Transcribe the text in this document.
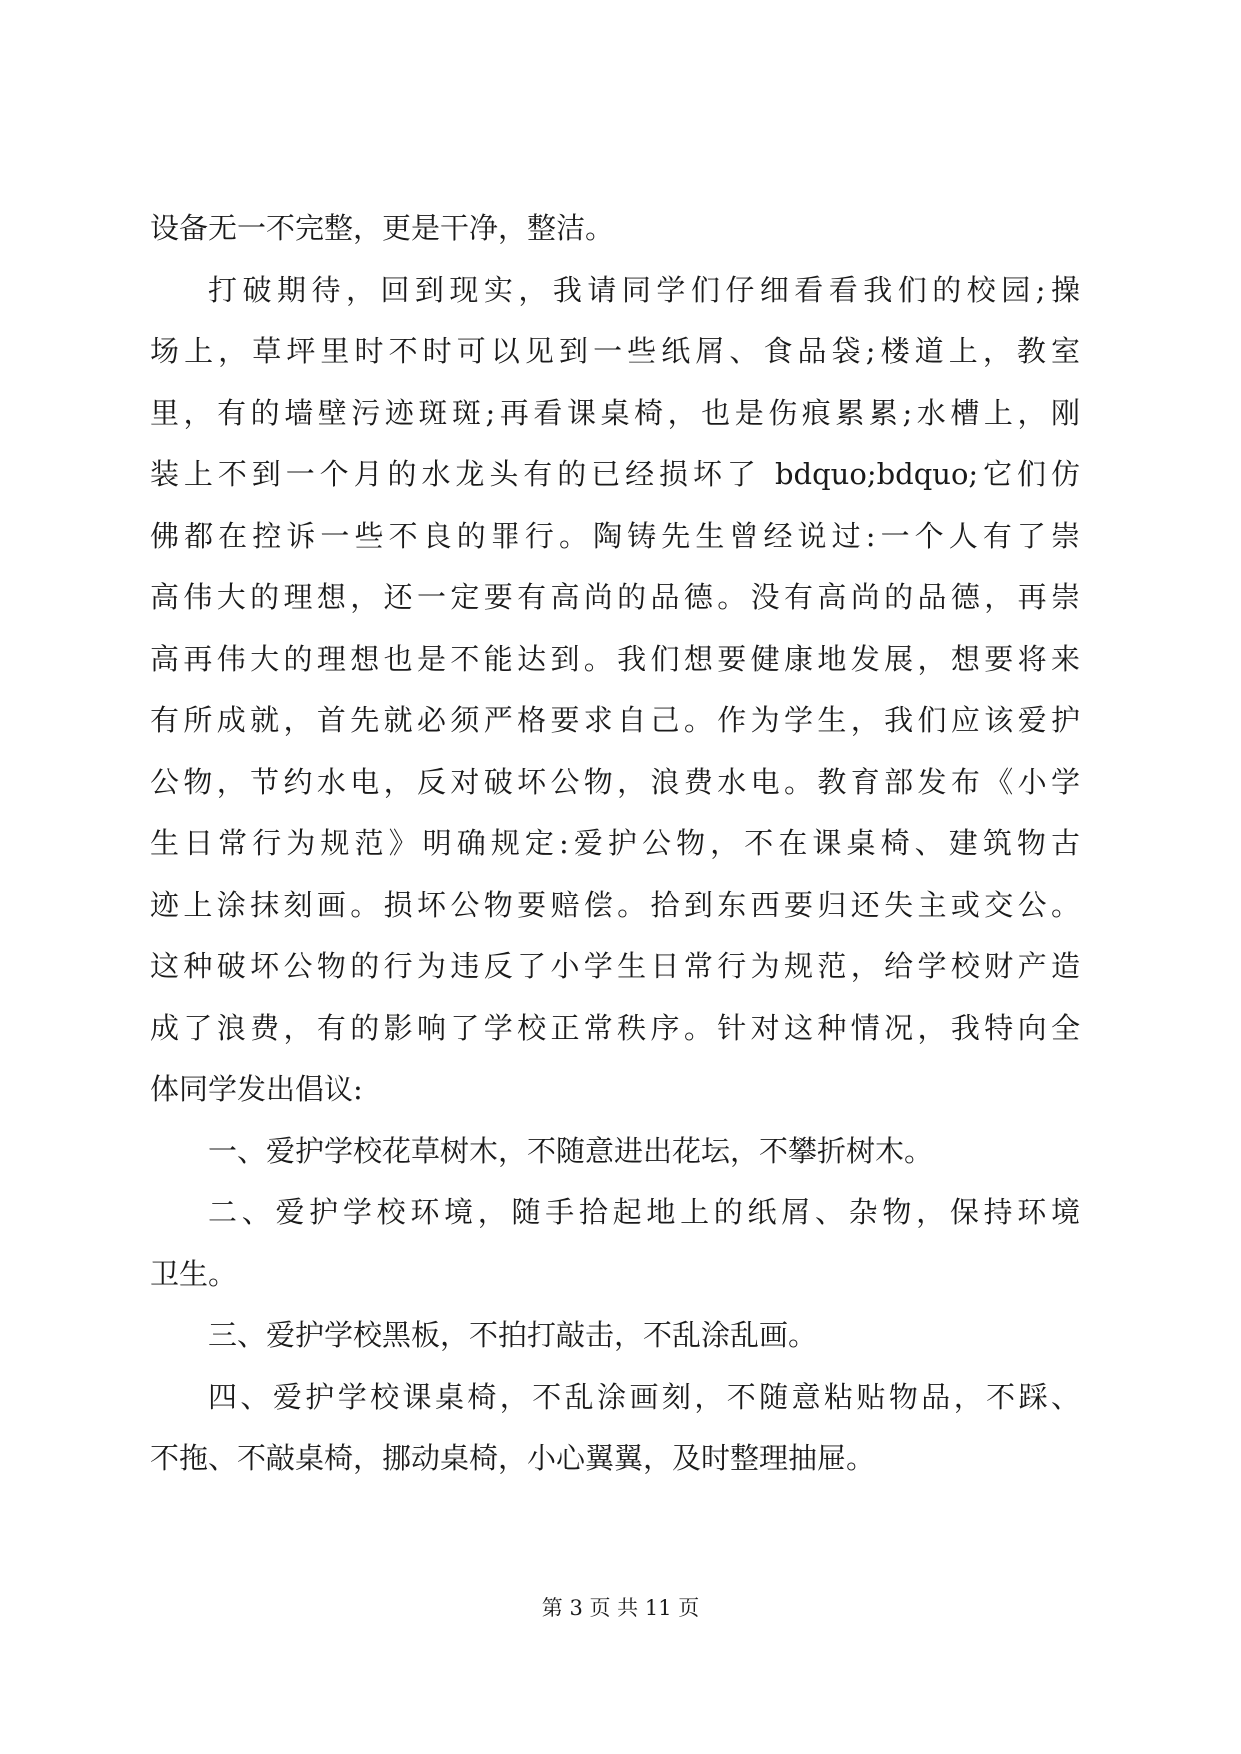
设备无一不完整，更是干净，整洁。
打破期待，回到现实，我请同学们仔细看看我们的校园;操
场上，草坪里时不时可以见到一些纸屑、食品袋;楼道上，教室
里，有的墙壁污迹斑斑;再看课桌椅，也是伤痕累累;水槽上，刚
装上不到一个月的水龙头有的已经损坏了 bdquo;bdquo;它们仿
佛都在控诉一些不良的罪行。陶铸先生曾经说过:一个人有了崇
高伟大的理想，还一定要有高尚的品德。没有高尚的品德，再崇
高再伟大的理想也是不能达到。我们想要健康地发展，想要将来
有所成就，首先就必须严格要求自己。作为学生，我们应该爱护
公物，节约水电，反对破坏公物，浪费水电。教育部发布《小学
生日常行为规范》明确规定:爱护公物，不在课桌椅、建筑物古
迹上涂抹刻画。损坏公物要赔偿。拾到东西要归还失主或交公。
这种破坏公物的行为违反了小学生日常行为规范，给学校财产造
成了浪费，有的影响了学校正常秩序。针对这种情况，我特向全
体同学发出倡议:
一、爱护学校花草树木，不随意进出花坛，不攀折树木。
二、爱护学校环境，随手拾起地上的纸屑、杂物，保持环境
卫生。
三、爱护学校黑板，不拍打敲击，不乱涂乱画。
四、爱护学校课桌椅，不乱涂画刻，不随意粘贴物品，不踩、
不拖、不敲桌椅，挪动桌椅，小心翼翼，及时整理抽屉。
第 3 页 共 11 页
